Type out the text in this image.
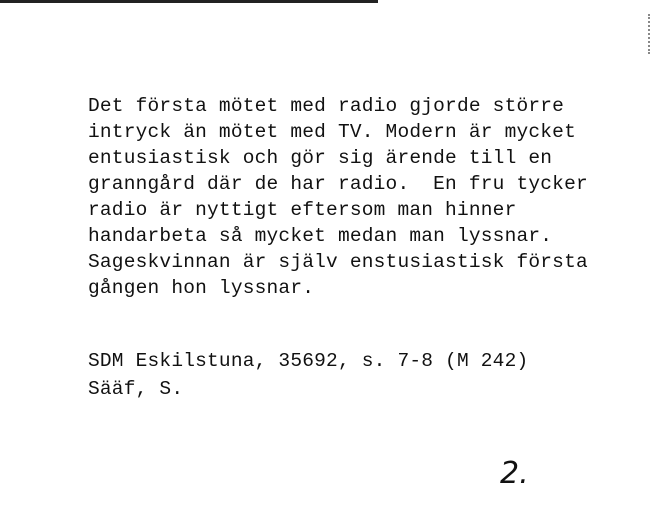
Det första mötet med radio gjorde större
intryck än mötet med TV. Modern är mycket
entusiastisk och gör sig ärende till en
granngård där de har radio.  En fru tycker
radio är nyttigt eftersom man hinner
handarbeta så mycket medan man lyssnar.
Sageskvinnan är själv enstusiastisk första
gången hon lyssnar.
SDM Eskilstuna, 35692, s. 7-8 (M 242)
Sääf, S.
2.
